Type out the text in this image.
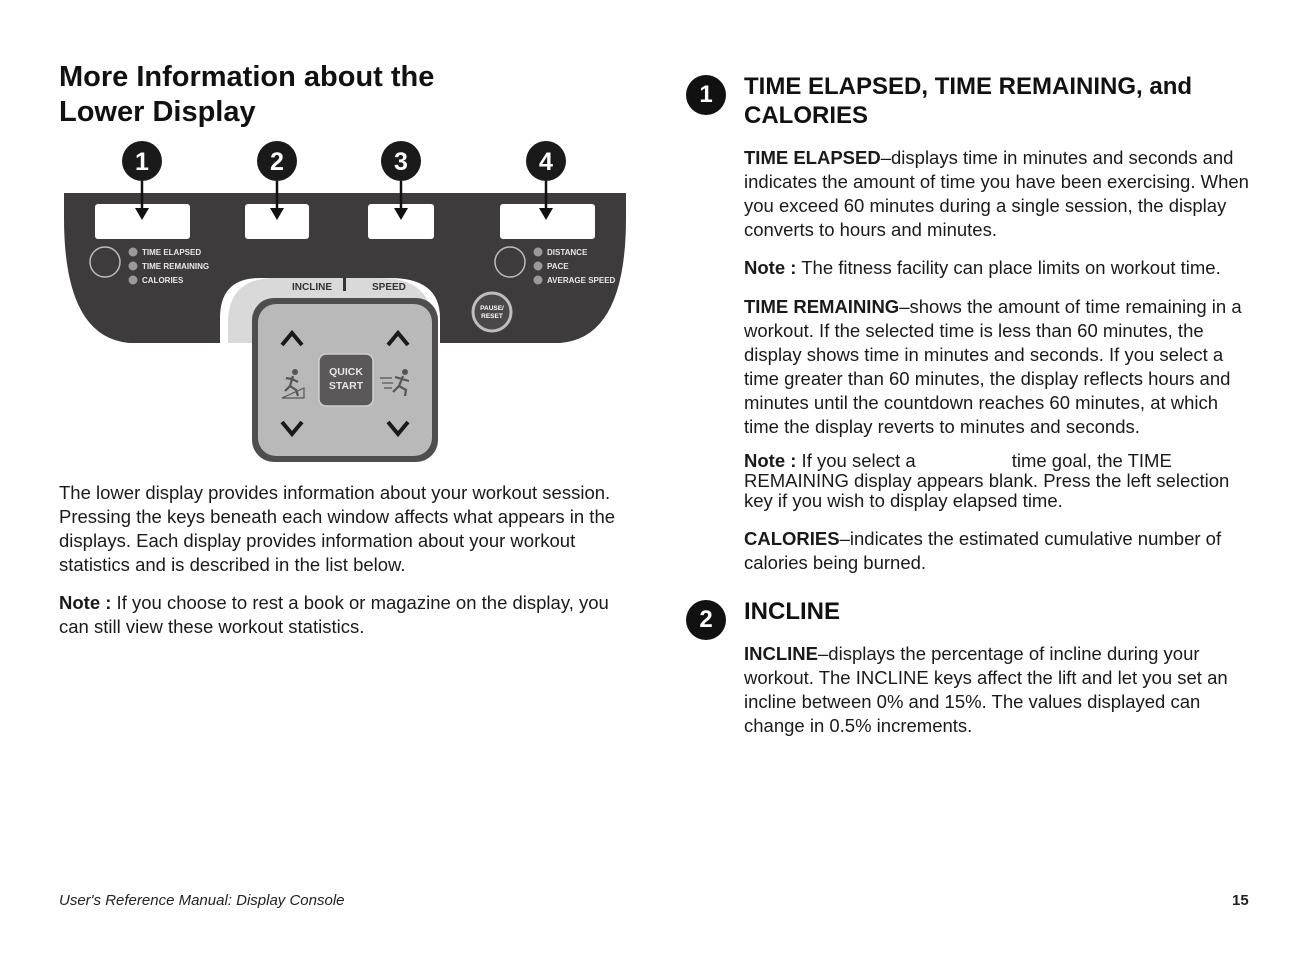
More Information about the
Lower Display
1	2	3	4
TIME ELAPSED
TIME REMAINING
CALORIES
DISTANCE
PACE
AVERAGE SPEED
INCLINE	SPEED
PAUSE/
RESET
QUICK
START

The lower display provides information about your workout session. Pressing the keys beneath each window affects what appears in the displays. Each display provides information about your workout statistics and is described in the list below.

Note : If you choose to rest a book or magazine on the display, you can still view these workout statistics.

1	TIME ELAPSED, TIME REMAINING, and CALORIES

TIME ELAPSED–displays time in minutes and seconds and indicates the amount of time you have been exercising. When you exceed 60 minutes during a single session, the display converts to hours and minutes.

Note : The fitness facility can place limits on workout time.

TIME REMAINING–shows the amount of time remaining in a workout. If the selected time is less than 60 minutes, the display shows time in minutes and seconds. If you select a time greater than 60 minutes, the display reflects hours and minutes until the countdown reaches 60 minutes, at which time the display reverts to minutes and seconds.

Note : If you select a	time goal, the TIME REMAINING display appears blank. Press the left selection key if you wish to display elapsed time.

CALORIES–indicates the estimated cumulative number of calories being burned.

2	INCLINE

INCLINE–displays the percentage of incline during your workout. The INCLINE keys affect the lift and let you set an incline between 0% and 15%. The values displayed can change in 0.5% increments.

User's Reference Manual: Display Console	15
